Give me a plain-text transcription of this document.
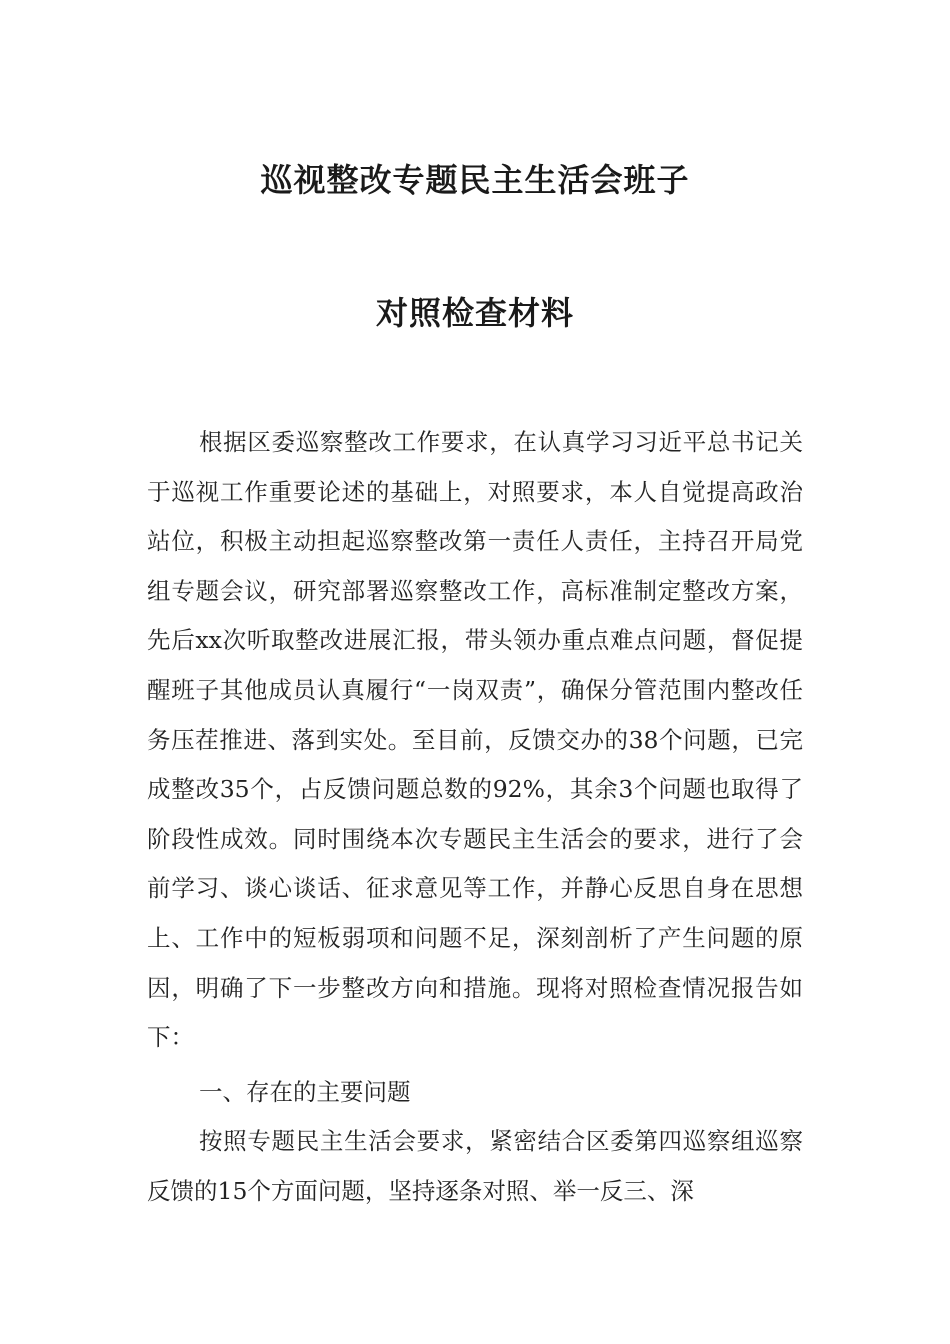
巡视整改专题民主生活会班子
对照检查材料
根据区委巡察整改工作要求，在认真学习习近平总书记关于巡视工作重要论述的基础上，对照要求，本人自觉提高政治站位，积极主动担起巡察整改第一责任人责任，主持召开局党组专题会议，研究部署巡察整改工作，高标准制定整改方案，先后xx次听取整改进展汇报，带头领办重点难点问题，督促提醒班子其他成员认真履行“一岗双责”，确保分管范围内整改任务压茬推进、落到实处。至目前，反馈交办的38个问题，已完成整改35个，占反馈问题总数的92%，其余3个问题也取得了阶段性成效。同时围绕本次专题民主生活会的要求，进行了会前学习、谈心谈话、征求意见等工作，并静心反思自身在思想上、工作中的短板弱项和问题不足，深刻剖析了产生问题的原因，明确了下一步整改方向和措施。现将对照检查情况报告如下：
一、存在的主要问题
按照专题民主生活会要求，紧密结合区委第四巡察组巡察反馈的15个方面问题，坚持逐条对照、举一反三、深
